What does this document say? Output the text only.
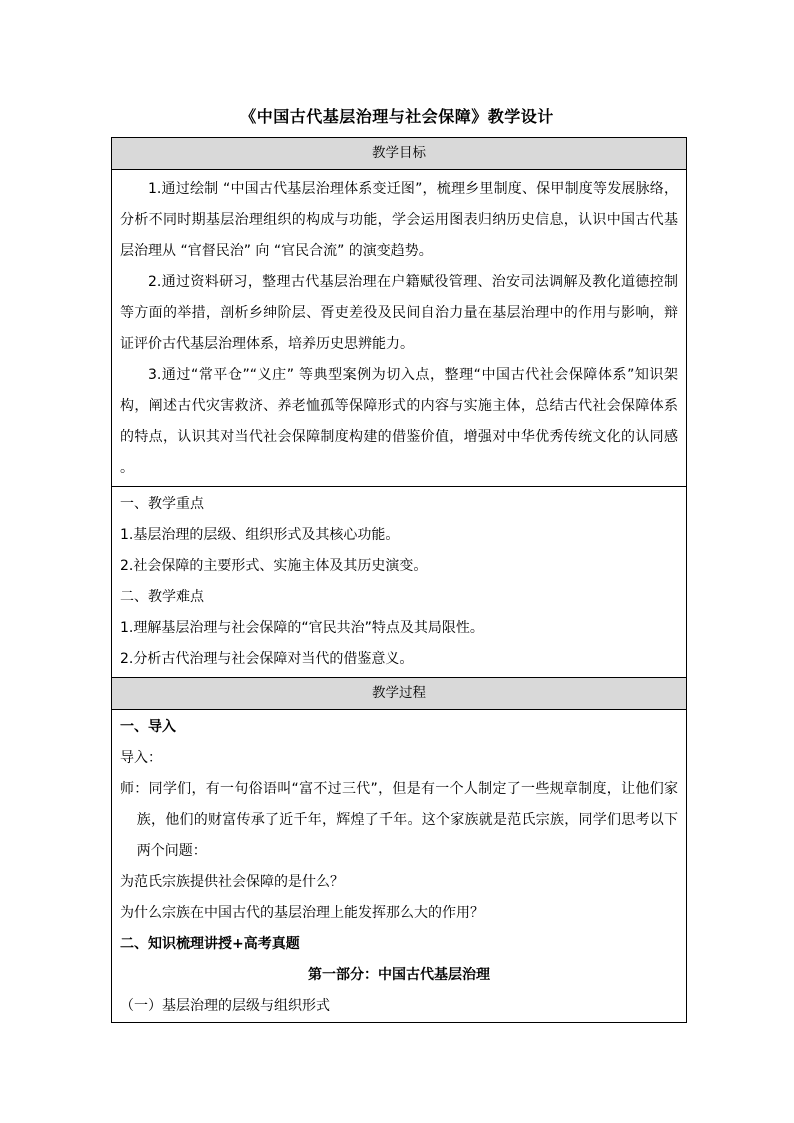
《中国古代基层治理与社会保障》教学设计
教学目标

1.通过绘制 “中国古代基层治理体系变迁图”，梳理乡里制度、保甲制度等发展脉络，分析不同时期基层治理组织的构成与功能，学会运用图表归纳历史信息，认识中国古代基层治理从 “官督民治” 向 “官民合流” 的演变趋势。

2.通过资料研习，整理古代基层治理在户籍赋役管理、治安司法调解及教化道德控制等方面的举措，剖析乡绅阶层、胥吏差役及民间自治力量在基层治理中的作用与影响，辩证评价古代基层治理体系，培养历史思辨能力。

3.通过“常平仓”“义庄” 等典型案例为切入点，整理“中国古代社会保障体系”知识架构，阐述古代灾害救济、养老恤孤等保障形式的内容与实施主体，总结古代社会保障体系的特点，认识其对当代社会保障制度构建的借鉴价值，增强对中华优秀传统文化的认同感 。

一、教学重点

1.基层治理的层级、组织形式及其核心功能。

2.社会保障的主要形式、实施主体及其历史演变。

二、教学难点

1.理解基层治理与社会保障的“官民共治”特点及其局限性。

2.分析古代治理与社会保障对当代的借鉴意义。

教学过程

一、导入

导入：

师：同学们，有一句俗语叫“富不过三代”，但是有一个人制定了一些规章制度，让他们家族，他们的财富传承了近千年，辉煌了千年。这个家族就是范氏宗族，同学们思考以下两个问题：

为范氏宗族提供社会保障的是什么？

为什么宗族在中国古代的基层治理上能发挥那么大的作用？

二、知识梳理讲授+高考真题

第一部分：中国古代基层治理

（一）基层治理的层级与组织形式
